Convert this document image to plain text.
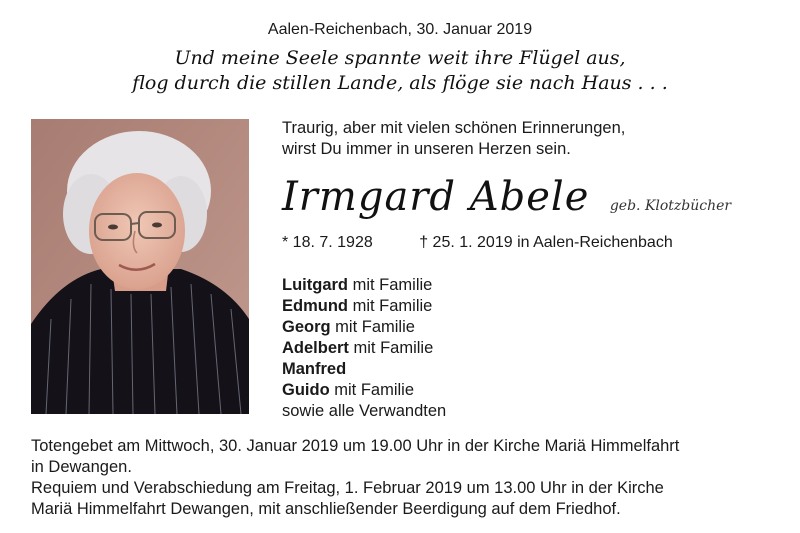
Aalen-Reichenbach, 30. Januar 2019
Und meine Seele spannte weit ihre Flügel aus,
flog durch die stillen Lande, als flöge sie nach Haus . . .
Traurig, aber mit vielen schönen Erinnerungen,
wirst Du immer in unseren Herzen sein.
Irmgard Abele geb. Klotzbücher
* 18. 7. 1928	† 25. 1. 2019 in Aalen-Reichenbach
Luitgard mit Familie
Edmund mit Familie
Georg mit Familie
Adelbert mit Familie
Manfred
Guido mit Familie
sowie alle Verwandten
Totengebet am Mittwoch, 30. Januar 2019 um 19.00 Uhr in der Kirche Mariä Himmelfahrt
in Dewangen.
Requiem und Verabschiedung am Freitag, 1. Februar 2019 um 13.00 Uhr in der Kirche
Mariä Himmelfahrt Dewangen, mit anschließender Beerdigung auf dem Friedhof.
